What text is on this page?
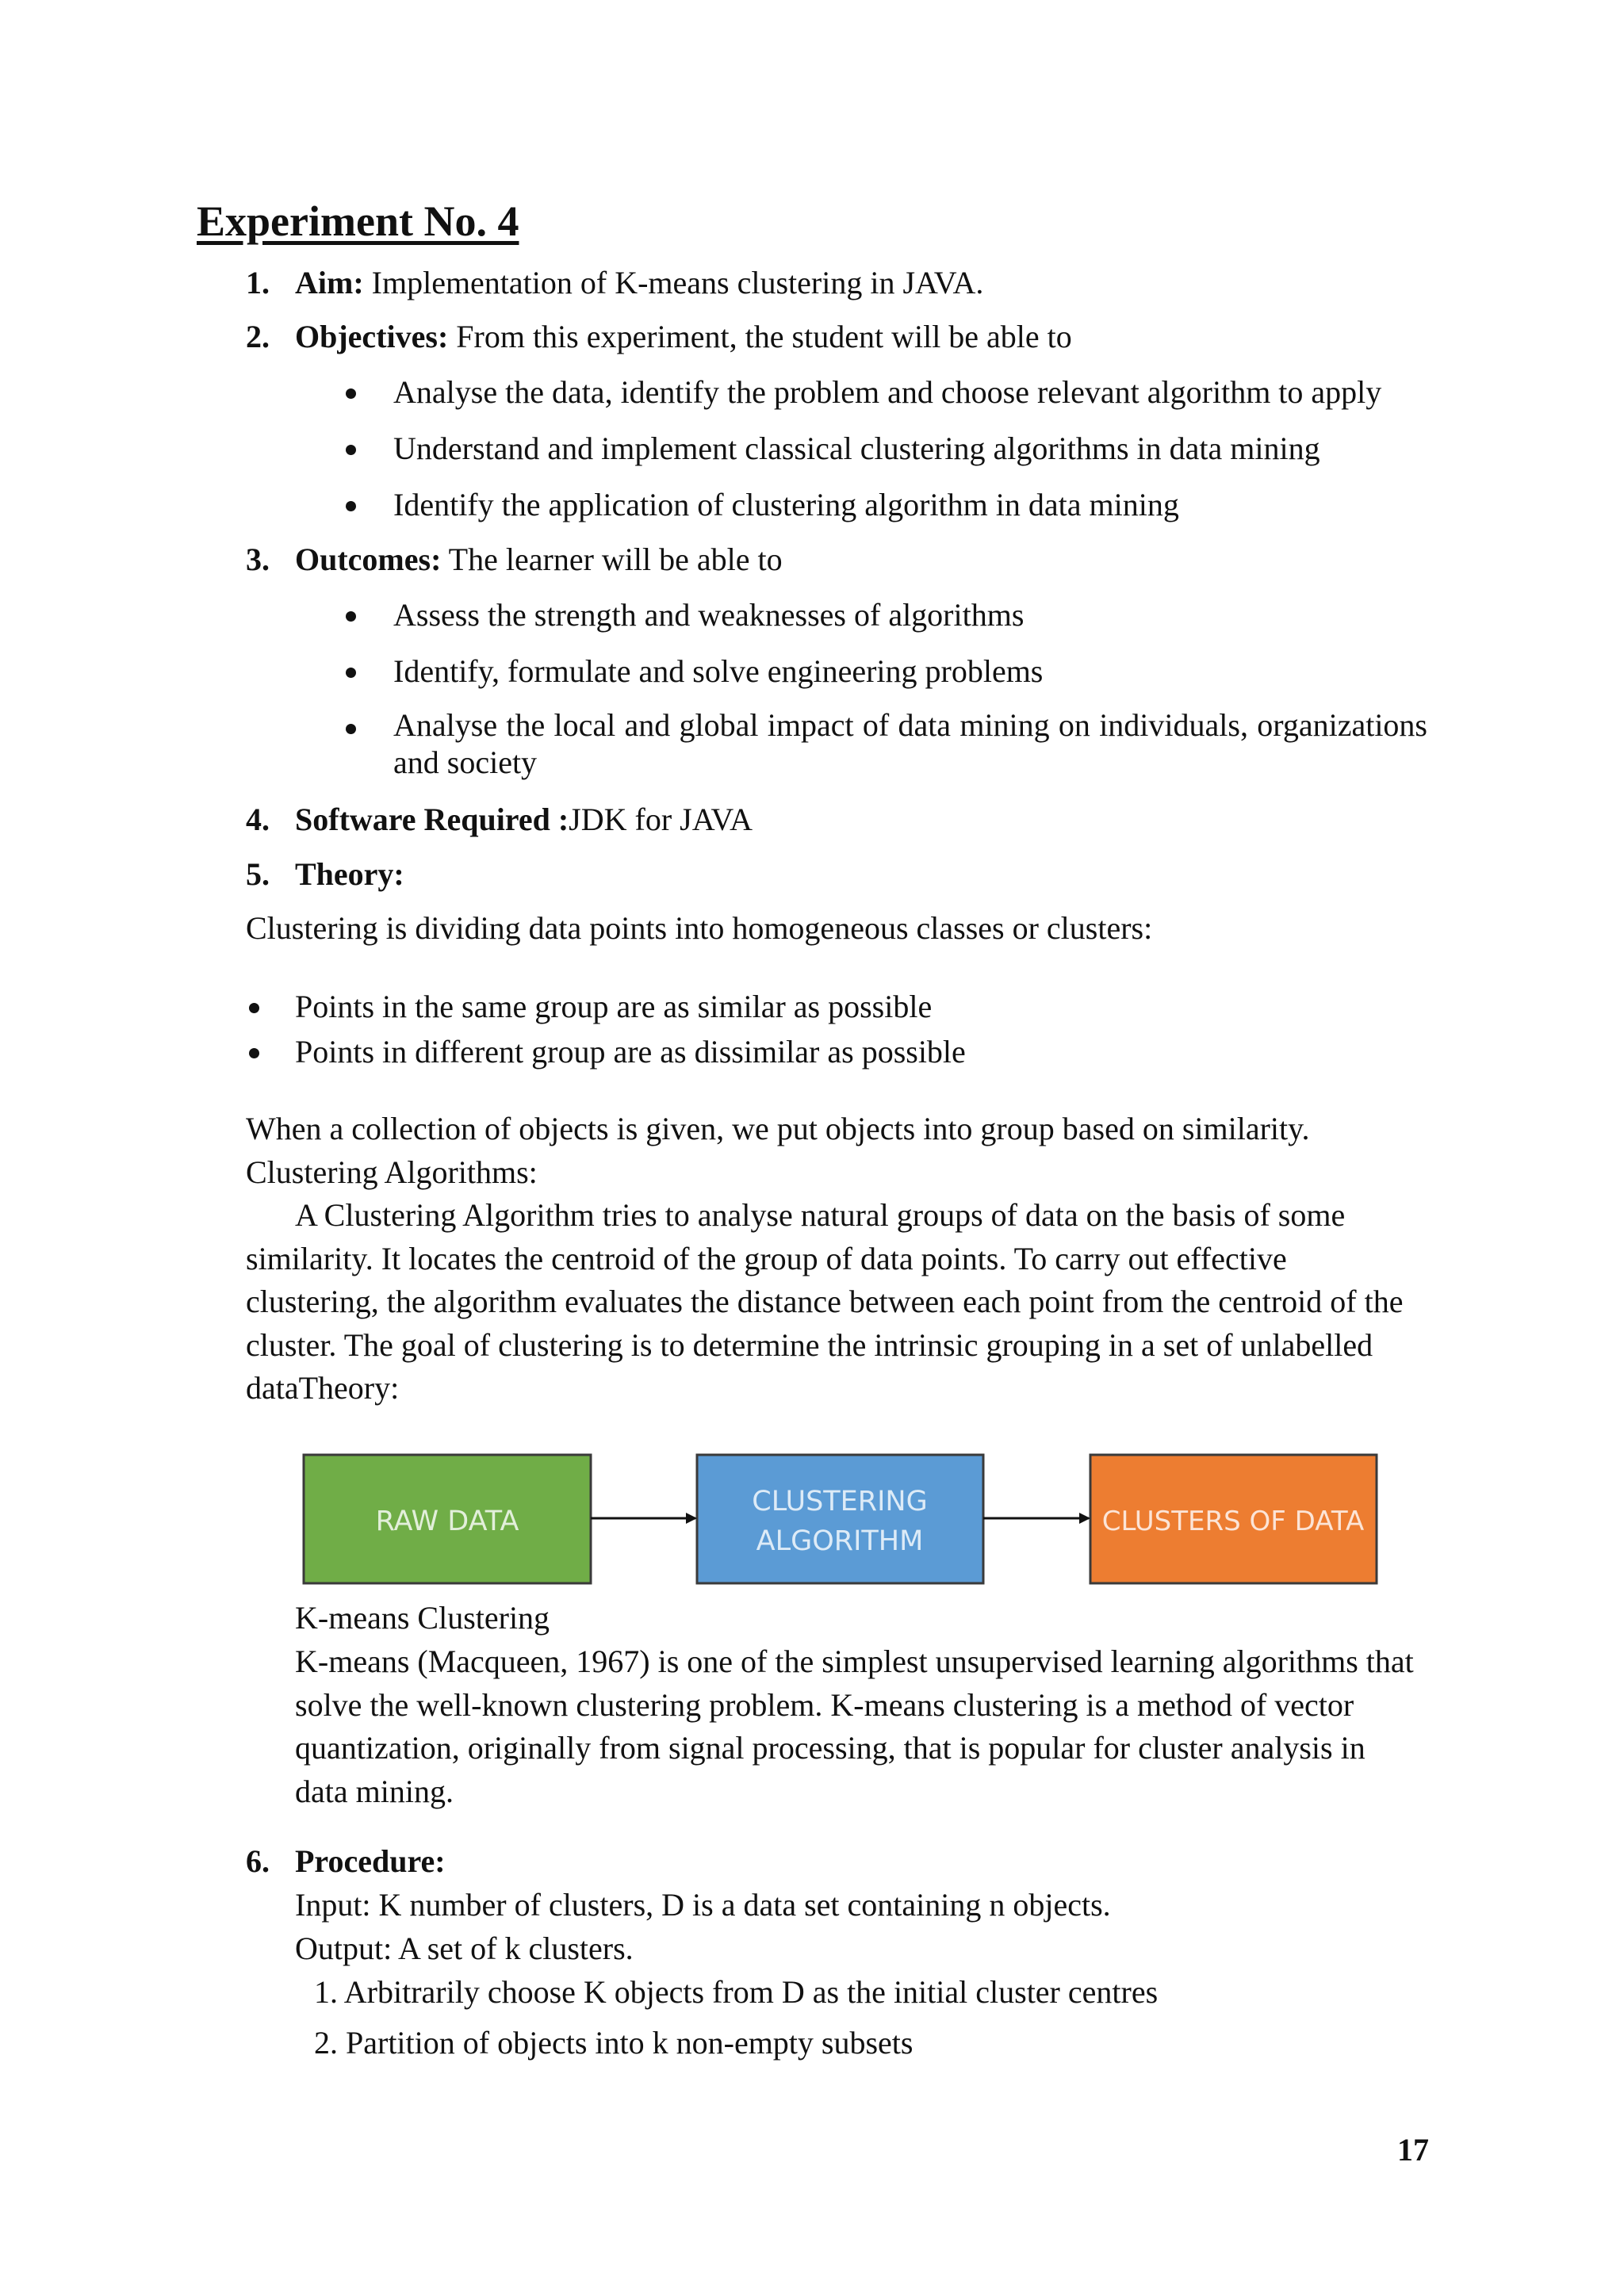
Experiment No. 4
1. Aim: Implementation of K-means clustering in JAVA.

2. Objectives: From this experiment, the student will be able to

Analyse the data, identify the problem and choose relevant algorithm to apply

Understand and implement classical clustering algorithms in data mining

Identify the application of clustering algorithm in data mining

3. Outcomes: The learner will be able to

Assess the strength and weaknesses of algorithms

Identify, formulate and solve engineering problems

Analyse the local and global impact of data mining on individuals, organizations and society

4. Software Required :JDK for JAVA

5. Theory:

Clustering is dividing data points into homogeneous classes or clusters:

Points in the same group are as similar as possible

Points in different group are as dissimilar as possible

When a collection of objects is given, we put objects into group based on similarity.

Clustering Algorithms:

A Clustering Algorithm tries to analyse natural groups of data on the basis of some similarity. It locates the centroid of the group of data points. To carry out effective clustering, the algorithm evaluates the distance between each point from the centroid of the cluster. The goal of clustering is to determine the intrinsic grouping in a set of unlabelled dataTheory:

RAW DATA
CLUSTERING
ALGORITHM
CLUSTERS OF DATA

K-means Clustering

K-means (Macqueen, 1967) is one of the simplest unsupervised learning algorithms that solve the well-known clustering problem. K-means clustering is a method of vector quantization, originally from signal processing, that is popular for cluster analysis in data mining.

6. Procedure:

Input: K number of clusters, D is a data set containing n objects.

Output: A set of k clusters.

1. Arbitrarily choose K objects from D as the initial cluster centres

2. Partition of objects into k non-empty subsets

17
